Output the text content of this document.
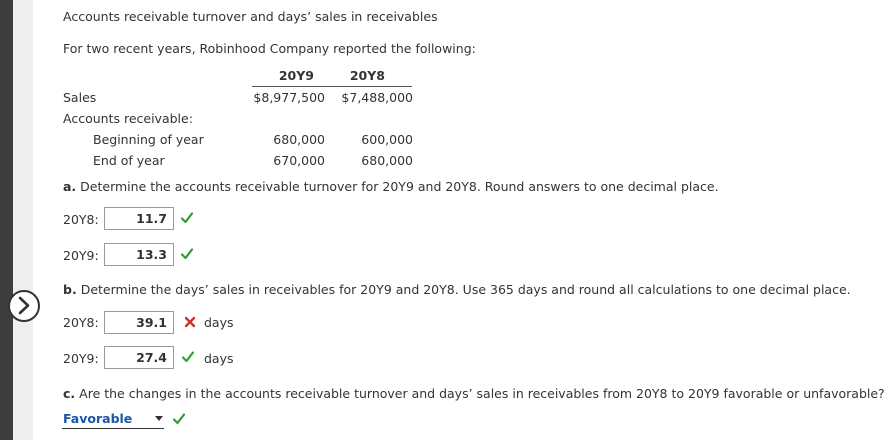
Accounts receivable turnover and days’ sales in receivables
For two recent years, Robinhood Company reported the following:
20Y9	20Y8
Sales	$8,977,500	$7,488,000
Accounts receivable:
Beginning of year	680,000	600,000
End of year	670,000	680,000
a. Determine the accounts receivable turnover for 20Y9 and 20Y8. Round answers to one decimal place.
20Y8:	11.7
20Y9:	13.3
b. Determine the days’ sales in receivables for 20Y9 and 20Y8. Use 365 days and round all calculations to one decimal place.
20Y8:	39.1	days
20Y9:	27.4	days
c. Are the changes in the accounts receivable turnover and days’ sales in receivables from 20Y8 to 20Y9 favorable or unfavorable?
Favorable
